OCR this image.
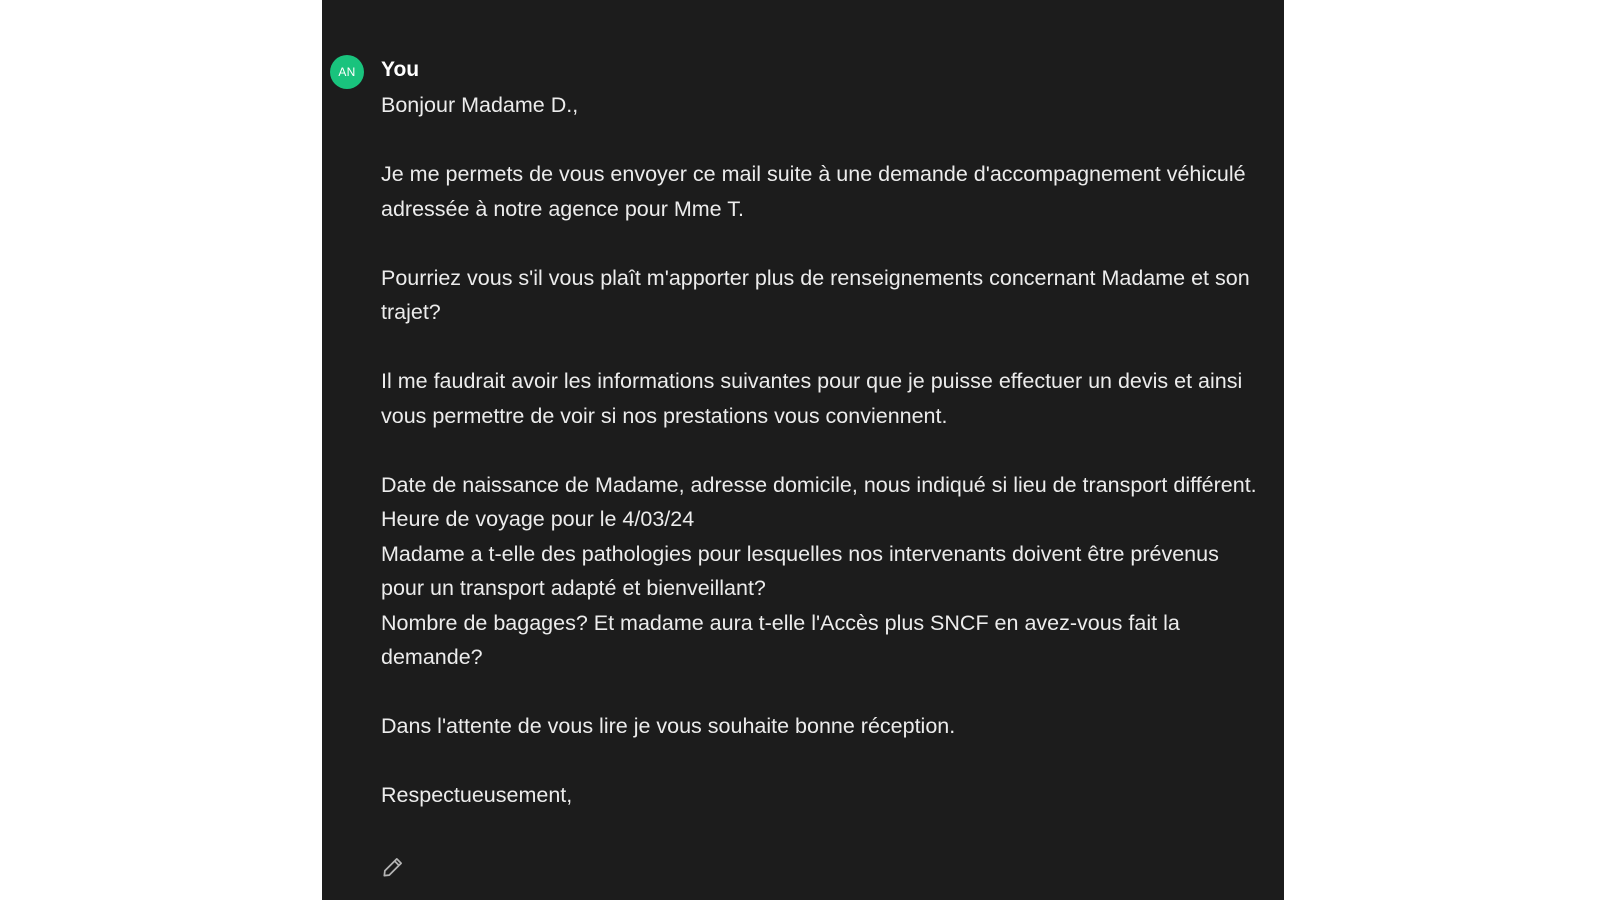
AN	You

Bonjour Madame D.,

Je me permets de vous envoyer ce mail suite à une demande d'accompagnement véhiculé adressée à notre agence pour Mme T.

Pourriez vous s'il vous plaît m'apporter plus de renseignements concernant Madame et son trajet?

Il me faudrait avoir les informations suivantes pour que je puisse effectuer un devis et ainsi vous permettre de voir si nos prestations vous conviennent.

Date de naissance de Madame, adresse domicile, nous indiqué si lieu de transport différent.

Heure de voyage pour le 4/03/24

Madame a t-elle des pathologies pour lesquelles nos intervenants doivent être prévenus pour un transport adapté et bienveillant?

Nombre de bagages? Et madame aura t-elle l'Accès plus SNCF en avez-vous fait la demande?

Dans l'attente de vous lire je vous souhaite bonne réception.

Respectueusement,
